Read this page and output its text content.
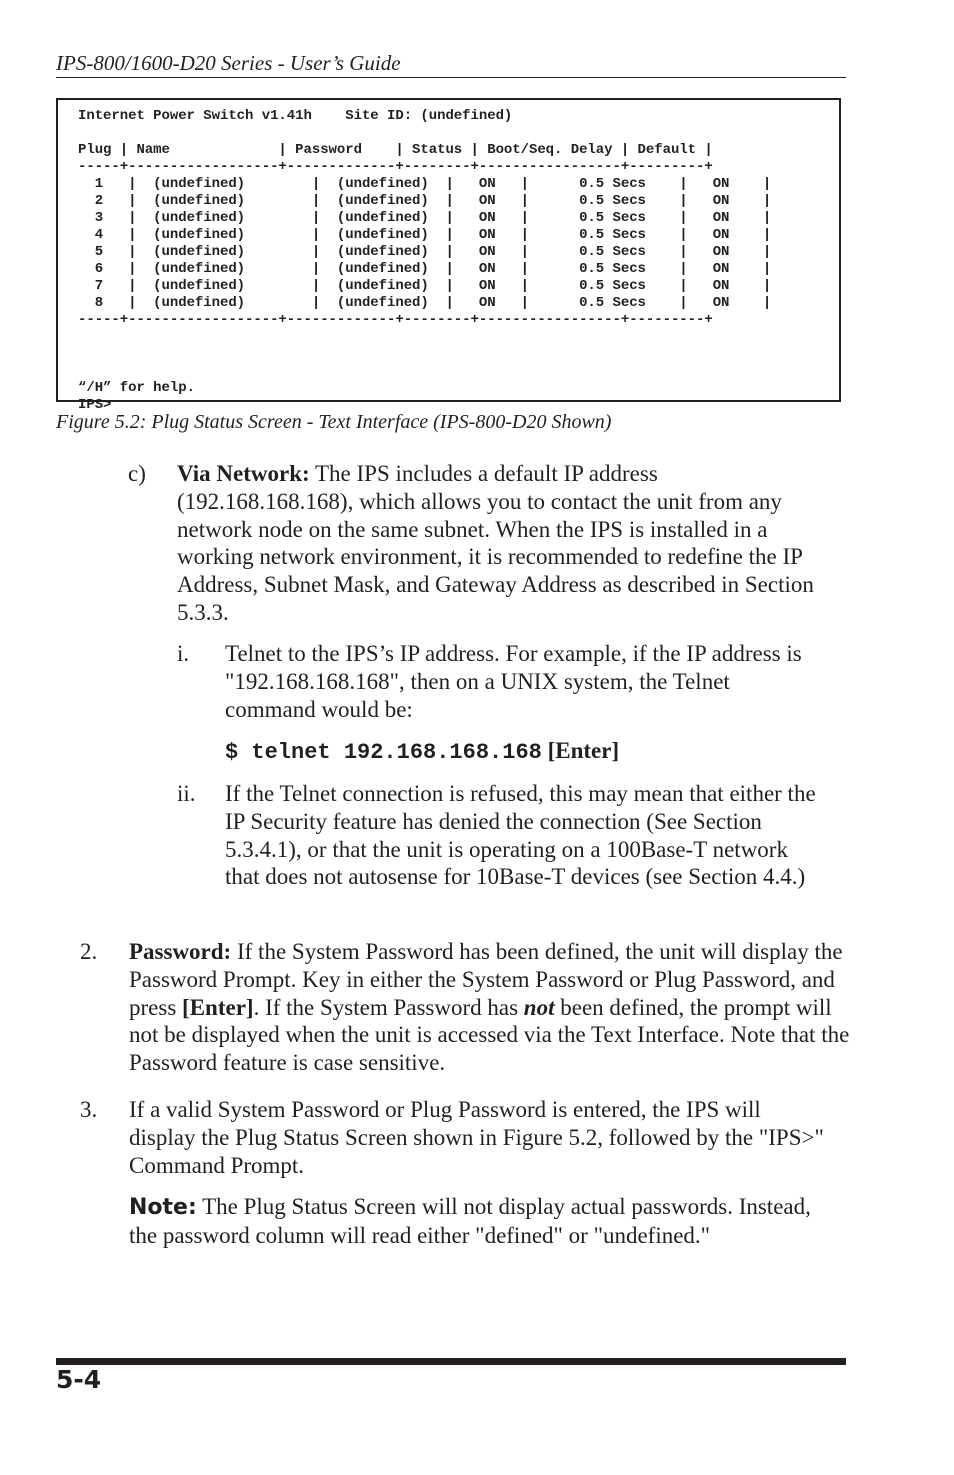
IPS-800/1600-D20 Series - User’s Guide
Internet Power Switch v1.41h    Site ID: (undefined)

Plug | Name             | Password    | Status | Boot/Seq. Delay | Default |
-----+------------------+-------------+--------+-----------------+---------+
1   |  (undefined)        |  (undefined)  |   ON   |      0.5 Secs    |   ON    |
2   |  (undefined)        |  (undefined)  |   ON   |      0.5 Secs    |   ON    |
3   |  (undefined)        |  (undefined)  |   ON   |      0.5 Secs    |   ON    |
4   |  (undefined)        |  (undefined)  |   ON   |      0.5 Secs    |   ON    |
5   |  (undefined)        |  (undefined)  |   ON   |      0.5 Secs    |   ON    |
6   |  (undefined)        |  (undefined)  |   ON   |      0.5 Secs    |   ON    |
7   |  (undefined)        |  (undefined)  |   ON   |      0.5 Secs    |   ON    |
8   |  (undefined)        |  (undefined)  |   ON   |      0.5 Secs    |   ON    |
-----+------------------+-------------+--------+-----------------+---------+

“/H” for help.
IPS>
Figure 5.2: Plug Status Screen - Text Interface (IPS-800-D20 Shown)
c) Via Network: The IPS includes a default IP address (192.168.168.168), which allows you to contact the unit from any network node on the same subnet. When the IPS is installed in a working network environment, it is recommended to redefine the IP Address, Subnet Mask, and Gateway Address as described in Section 5.3.3.

i. Telnet to the IPS’s IP address. For example, if the IP address is "192.168.168.168", then on a UNIX system, the Telnet command would be:

$ telnet 192.168.168.168 [Enter]
ii. If the Telnet connection is refused, this may mean that either the IP Security feature has denied the connection (See Section 5.3.4.1), or that the unit is operating on a 100Base-T network that does not autosense for 10Base-T devices (see Section 4.4.)

2. Password: If the System Password has been defined, the unit will display the Password Prompt. Key in either the System Password or Plug Password, and press [Enter]. If the System Password has not been defined, the prompt will not be displayed when the unit is accessed via the Text Interface. Note that the Password feature is case sensitive.

3. If a valid System Password or Plug Password is entered, the IPS will display the Plug Status Screen shown in Figure 5.2, followed by the "IPS>" Command Prompt.

Note: The Plug Status Screen will not display actual passwords. Instead, the password column will read either "defined" or "undefined."

5-4
